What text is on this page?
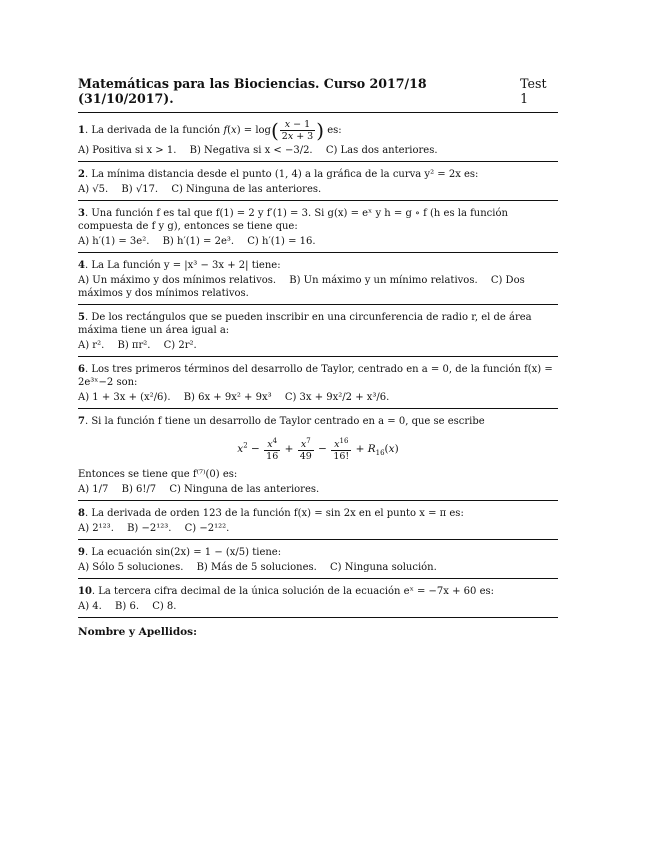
Matemáticas para las Biociencias. Curso 2017/18 (31/10/2017).
Test 1
1. La derivada de la función $f(x) = \log( \frac{x - 1}{2x + 3}$ ) es:
A) Positiva si x > 1. B) Negativa si x < −3/2. C) Las dos anteriores.
2. La mínima distancia desde el punto (1, 4) a la gráfica de la curva y² = 2x es:
A) √5. B) √17. C) Ninguna de las anteriores.
3. Una función f es tal que f(1) = 2 y f′(1) = 3. Si g(x) = eˣ y h = g ∘ f (h es la función compuesta de f y g), entonces se tiene que:
A) h′(1) = 3e². B) h′(1) = 2e³. C) h′(1) = 16.
4. La La función y = |x³ − 3x + 2| tiene:
A) Un máximo y dos mínimos relativos. B) Un máximo y un mínimo relativos. C) Dos máximos y dos mínimos relativos.
5. De los rectángulos que se pueden inscribir en una circunferencia de radio r, el de área máxima tiene un área igual a:
A) r². B) πr². C) 2r².
6. Los tres primeros términos del desarrollo de Taylor, centrado en a = 0, de la función f(x) = 2e³ˣ−2 son:
A) 1 + 3x + (x²/6). B) 6x + 9x² + 9x³ C) 3x + 9x²/2 + x³/6.
7. Si la función f tiene un desarrollo de Taylor centrado en a = 0, que se escribe
$x^2 - \frac{x^4}{16} + \frac{x^7}{49} - \frac{x^{16}}{16!} + R_{16}(x)$
Entonces se tiene que f⁽⁷⁾(0) es:
A) 1/7 B) 6!/7 C) Ninguna de las anteriores.
8. La derivada de orden 123 de la función f(x) = sin 2x en el punto x = π es:
A) 2¹²³. B) −2¹²³. C) −2¹²².
9. La ecuación sin(2x) = 1 − (x/5) tiene:
A) Sólo 5 soluciones. B) Más de 5 soluciones. C) Ninguna solución.
10. La tercera cifra decimal de la única solución de la ecuación eˣ = −7x + 60 es:
A) 4. B) 6. C) 8.
Nombre y Apellidos:
